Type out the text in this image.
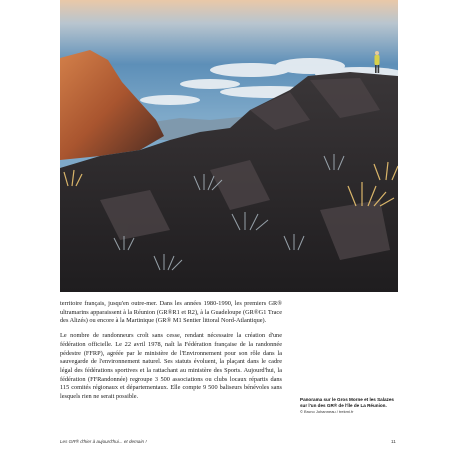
territoire français, jusqu'en outre-mer. Dans les années 1980-1990, les premiers GR® ultramarins apparaissent à la Réunion (GR®R1 et R2), à la Guadeloupe (GR®G1 Trace des Alizés) ou encore à la Martinique (GR® M1 Sentier littoral Nord-Atlantique).

Le nombre de randonneurs croît sans cesse, rendant nécessaire la création d'une fédération officielle. Le 22 avril 1978, naît la Fédération française de la randonnée pédestre (FFRP), agréée par le ministère de l'Environnement pour son rôle dans la sauvegarde de l'environnement naturel. Ses statuts évoluent, la plaçant dans le cadre légal des fédérations sportives et la rattachant au ministère des Sports. Aujourd'hui, la fédération (FFRandonnée) regroupe 3 500 associations ou clubs locaux répartis dans 115 comités régionaux et départementaux. Elle compte 9 500 baliseurs bénévoles sans lesquels rien ne serait possible.	Panorama sur le Gros Morne et les Salazes sur l'un des GR® de l'île de La Réunion.
© Bruno Johanneau / trekmi.fr
Les GR® d'hier à aujourd'hui... et demain !	11
